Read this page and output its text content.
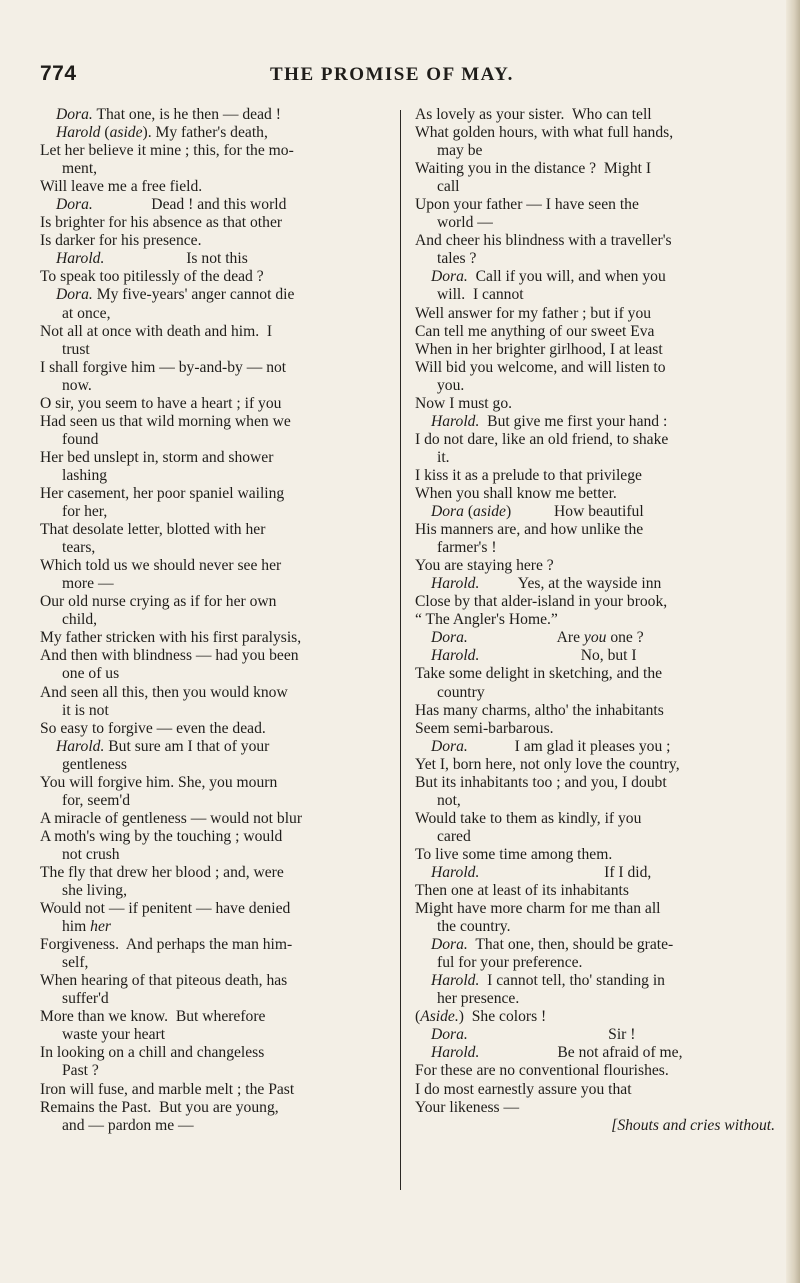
774	THE PROMISE OF MAY.
Dora. That one, is he then — dead !
Harold (aside). My father's death,
Let her believe it mine ; this, for the mo-
ment,
Will leave me a free field.
Dora.               Dead ! and this world
Is brighter for his absence as that other
Is darker for his presence.
Harold.                     Is not this
To speak too pitilessly of the dead ?
Dora. My five-years' anger cannot die
at once,
Not all at once with death and him.  I
trust
I shall forgive him — by-and-by — not
now.
O sir, you seem to have a heart ; if you
Had seen us that wild morning when we
found
Her bed unslept in, storm and shower
lashing
Her casement, her poor spaniel wailing
for her,
That desolate letter, blotted with her
tears,
Which told us we should never see her
more —
Our old nurse crying as if for her own
child,
My father stricken with his first paralysis,
And then with blindness — had you been
one of us
And seen all this, then you would know
it is not
So easy to forgive — even the dead.
Harold. But sure am I that of your
gentleness
You will forgive him. She, you mourn
for, seem'd
A miracle of gentleness — would not blur
A moth's wing by the touching ; would
not crush
The fly that drew her blood ; and, were
she living,
Would not — if penitent — have denied
him her
Forgiveness.  And perhaps the man him-
self,
When hearing of that piteous death, has
suffer'd
More than we know.  But wherefore
waste your heart
In looking on a chill and changeless
Past ?
Iron will fuse, and marble melt ; the Past
Remains the Past.  But you are young,
and — pardon me —
As lovely as your sister.  Who can tell
What golden hours, with what full hands,
may be
Waiting you in the distance ?  Might I
call
Upon your father — I have seen the
world —
And cheer his blindness with a traveller's
tales ?
Dora.  Call if you will, and when you
will.  I cannot
Well answer for my father ; but if you
Can tell me anything of our sweet Eva
When in her brighter girlhood, I at least
Will bid you welcome, and will listen to
you.
Now I must go.
Harold.  But give me first your hand :
I do not dare, like an old friend, to shake
it.
I kiss it as a prelude to that privilege
When you shall know me better.
Dora (aside)           How beautiful
His manners are, and how unlike the
farmer's !
You are staying here ?
Harold.          Yes, at the wayside inn
Close by that alder-island in your brook,
“ The Angler's Home.”
Dora.                       Are you one ?
Harold.                          No, but I
Take some delight in sketching, and the
country
Has many charms, altho' the inhabitants
Seem semi-barbarous.
Dora.            I am glad it pleases you ;
Yet I, born here, not only love the country,
But its inhabitants too ; and you, I doubt
not,
Would take to them as kindly, if you
cared
To live some time among them.
Harold.                                If I did,
Then one at least of its inhabitants
Might have more charm for me than all
the country.
Dora.  That one, then, should be grate-
ful for your preference.
Harold.  I cannot tell, tho' standing in
her presence.
(Aside.)  She colors !
Dora.                                    Sir !
Harold.                    Be not afraid of me,
For these are no conventional flourishes.
I do most earnestly assure you that
Your likeness —
[Shouts and cries without.
